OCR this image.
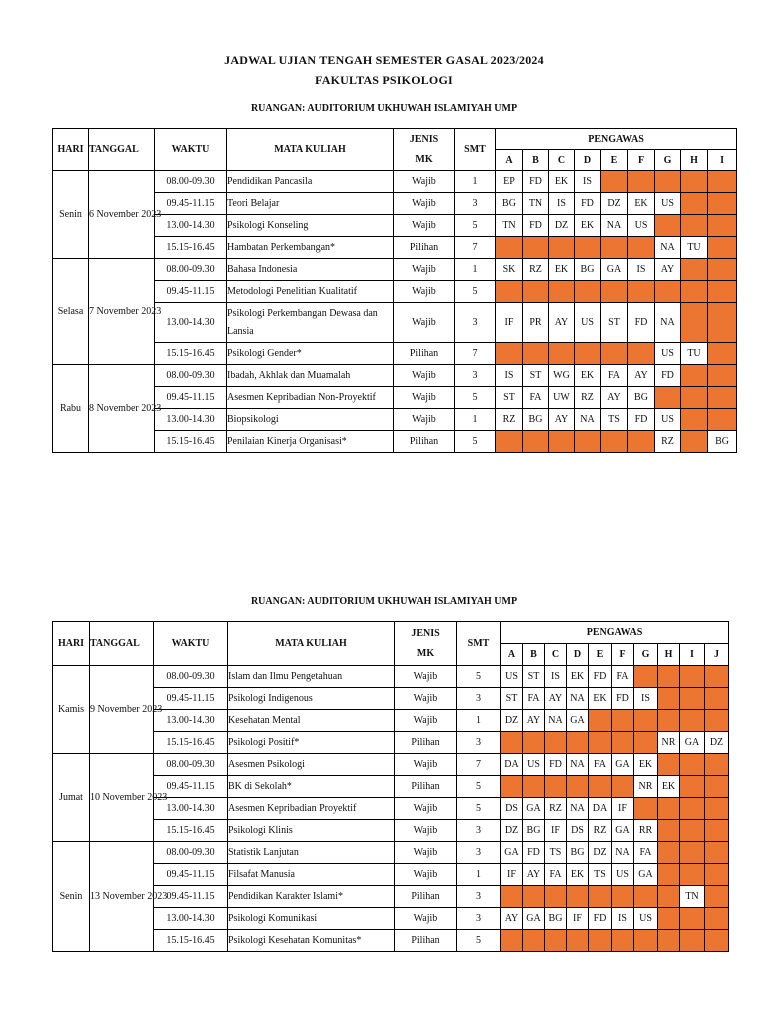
JADWAL UJIAN TENGAH SEMESTER GASAL 2023/2024
FAKULTAS PSIKOLOGI
RUANGAN: AUDITORIUM UKHUWAH ISLAMIYAH UMP
HARI	TANGGAL	WAKTU	MATA KULIAH	JENIS
MK	SMT	PENGAWAS								
						A	B	C	D	E	F	G	H	I
Senin	6 November 2023	08.00-09.30	Pendidikan Pancasila	Wajib	1	EP	FD	EK	IS					
		09.45-11.15	Teori Belajar	Wajib	3	BG	TN	IS	FD	DZ	EK	US		
		13.00-14.30	Psikologi Konseling	Wajib	5	TN	FD	DZ	EK	NA	US			
		15.15-16.45	Hambatan Perkembangan*	Pilihan	7							NA	TU	
Selasa	7 November 2023	08.00-09.30	Bahasa Indonesia	Wajib	1	SK	RZ	EK	BG	GA	IS	AY		
		09.45-11.15	Metodologi Penelitian Kualitatif	Wajib	5									
		13.00-14.30	Psikologi Perkembangan Dewasa dan Lansia	Wajib	3	IF	PR	AY	US	ST	FD	NA		
		15.15-16.45	Psikologi Gender*	Pilihan	7							US	TU	
Rabu	8 November 2023	08.00-09.30	Ibadah, Akhlak dan Muamalah	Wajib	3	IS	ST	WG	EK	FA	AY	FD		
		09.45-11.15	Asesmen Kepribadian Non-Proyektif	Wajib	5	ST	FA	UW	RZ	AY	BG			
		13.00-14.30	Biopsikologi	Wajib	1	RZ	BG	AY	NA	TS	FD	US		
		15.15-16.45	Penilaian Kinerja Organisasi*	Pilihan	5							RZ		BG
RUANGAN: AUDITORIUM UKHUWAH ISLAMIYAH UMP
HARI	TANGGAL	WAKTU	MATA KULIAH	JENIS
MK	SMT	PENGAWAS									
						A	B	C	D	E	F	G	H	I	J
Kamis	9 November 2023	08.00-09.30	Islam dan Ilmu Pengetahuan	Wajib	5	US	ST	IS	EK	FD	FA				
		09.45-11.15	Psikologi Indigenous	Wajib	3	ST	FA	AY	NA	EK	FD	IS			
		13.00-14.30	Kesehatan Mental	Wajib	1	DZ	AY	NA	GA						
		15.15-16.45	Psikologi Positif*	Pilihan	3								NR	GA	DZ
Jumat	10 November 2023	08.00-09.30	Asesmen Psikologi	Wajib	7	DA	US	FD	NA	FA	GA	EK			
		09.45-11.15	BK di Sekolah*	Pilihan	5							NR	EK		
		13.00-14.30	Asesmen Kepribadian Proyektif	Wajib	5	DS	GA	RZ	NA	DA	IF				
		15.15-16.45	Psikologi Klinis	Wajib	3	DZ	BG	IF	DS	RZ	GA	RR			
Senin	13 November 2023	08.00-09.30	Statistik Lanjutan	Wajib	3	GA	FD	TS	BG	DZ	NA	FA			
		09.45-11.15	Filsafat Manusia	Wajib	1	IF	AY	FA	EK	TS	US	GA			
		09.45-11.15	Pendidikan Karakter Islami*	Pilihan	3									TN	
		13.00-14.30	Psikologi Komunikasi	Wajib	3	AY	GA	BG	IF	FD	IS	US			
		15.15-16.45	Psikologi Kesehatan Komunitas*	Pilihan	5										
